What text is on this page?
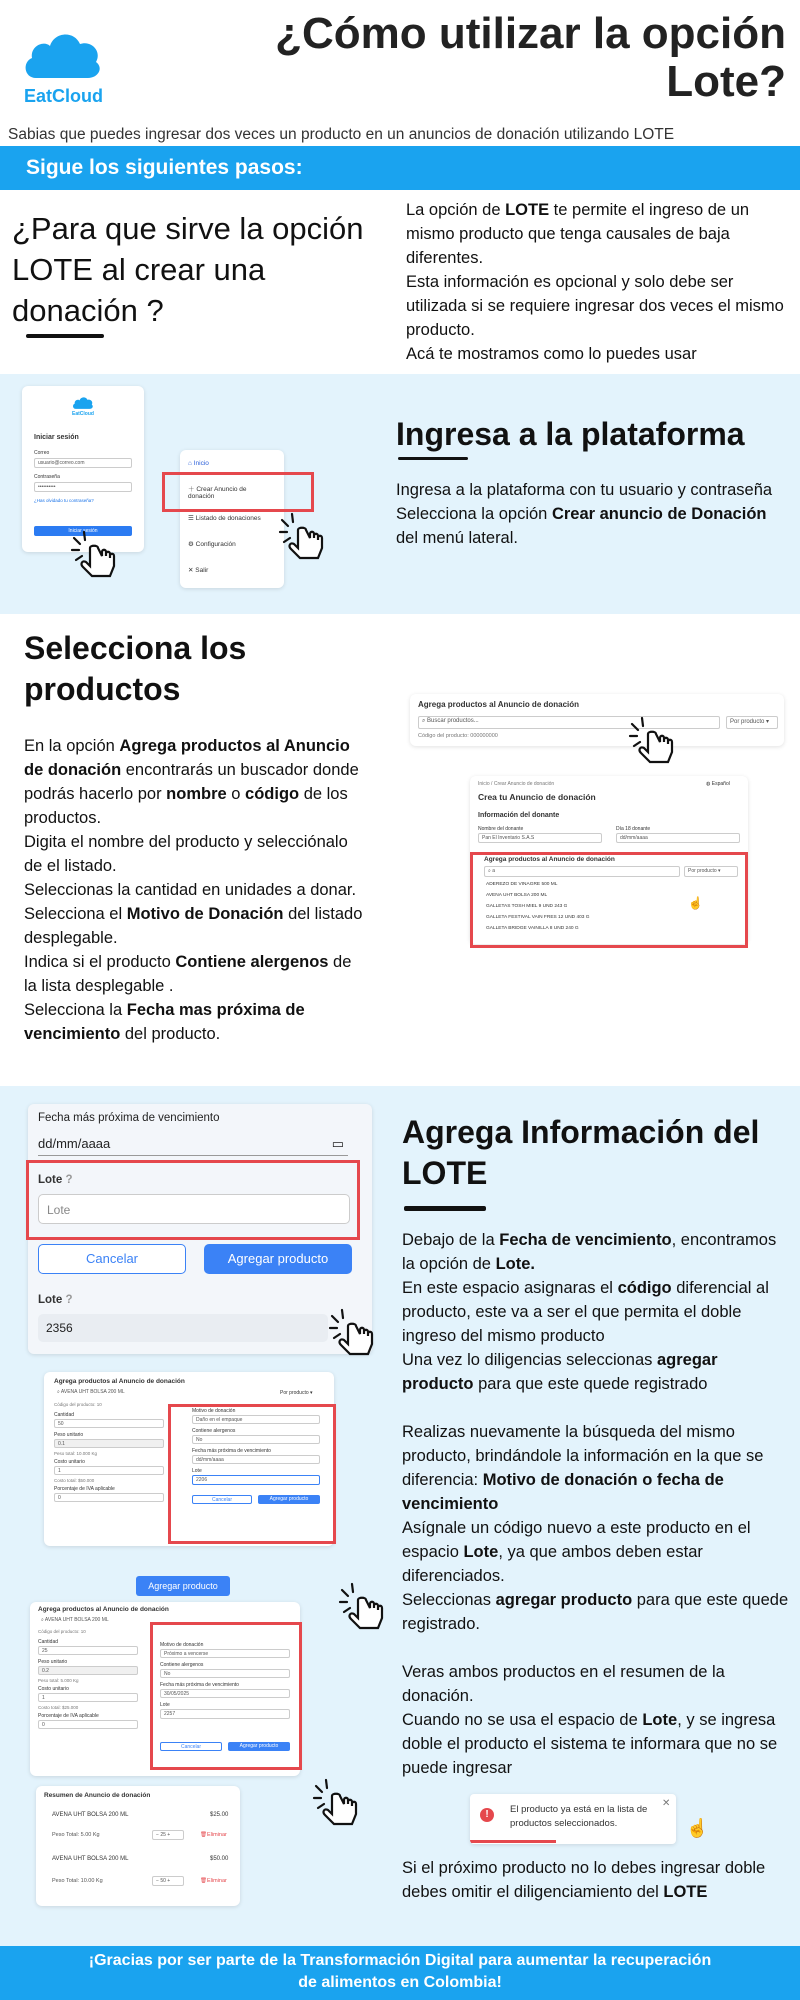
EatCloud
¿Cómo utilizar la opción
Lote?
Sabias que puedes ingresar dos veces un producto en un anuncios de donación utilizando LOTE
Sigue los siguientes pasos:
¿Para que sirve la opción LOTE al crear una donación ?

La opción de LOTE te permite el ingreso de un mismo producto que tenga causales de baja diferentes.

Esta información es opcional y solo debe ser utilizada si se requiere ingresar dos veces el mismo producto.

Acá te mostramos como lo puedes usar

EatCloud
Iniciar sesión
Correo
usuario@correo.com
Contraseña
••••••••••
¿Has olvidado tu contraseña?
Iniciar sesión
⌂ Inicio
＋ Crear Anuncio de donación
☰ Listado de donaciones
⚙ Configuración
✕ Salir
Ingresa a la plataforma

Ingresa a la plataforma con tu usuario y contraseña

Selecciona la opción Crear anuncio de Donación del menú lateral.

Selecciona los productos

En la opción Agrega productos al Anuncio de donación encontrarás un buscador donde podrás hacerlo por nombre o código de los productos.

Digita el nombre del producto y selecciónalo de el listado.

Seleccionas la cantidad en unidades a donar.

Selecciona el Motivo de Donación del listado desplegable.

Indica si el producto Contiene alergenos de la lista desplegable .

Selecciona la Fecha mas próxima de vencimiento del producto.

Agrega productos al Anuncio de donación
⌕ Buscar productos...	Por producto ▾
Código del producto: 000000000
Inicio / Crear Anuncio de donación	◍ Español
Crea tu Anuncio de donación
Información del donante
Nombre del donante
Pan El Inventario S.A.S
Día 18 donante
dd/mm/aaaa
Agrega productos al Anuncio de donación
⌕ a	Por producto ▾
ADEREZO DE VINAGRE 500 ML
AVENA UHT BOLSA 200 ML
GALLETAS TOSH MIEL 9 UND 243 G
GALLETA FESTIVAL VAIN FRES 12 UND 403 G
GALLETA BRIDGE VAINILLA 8 UND 240 G
☝
Fecha más próxima de vencimiento
dd/mm/aaaa	▭
Lote ?
Lote
Cancelar	Agregar producto
Lote ?
2356
Agrega productos al Anuncio de donación
⌕ AVENA UHT BOLSA 200 ML	Por producto ▾
Código del producto: 10
Cantidad
50
Peso unitario
0.1
Peso total: 10.000 Kg
Costo unitario
1
Costo total: $50.000
Porcentaje de IVA aplicable
0
Motivo de donación
Daño en el empaque
Contiene alergenos
No
Fecha más próxima de vencimiento
dd/mm/aaaa
Lote
2206
Cancelar	Agregar producto
Agregar producto
Agrega productos al Anuncio de donación
⌕ AVENA UHT BOLSA 200 ML
Código del producto: 10
Cantidad
25
Peso unitario
0.2
Peso total: 5.000 Kg
Costo unitario
1
Costo total: $25.000
Porcentaje de IVA aplicable
0
Motivo de donación
Próximo a vencerse
Contiene alergenos
No
Fecha más próxima de vencimiento
30/05/2025
Lote
2257
Cancelar	Agregar producto
Resumen de Anuncio de donación
AVENA UHT BOLSA 200 ML	$25.00
Peso Total: 5.00 Kg	− 25 +	🗑Eliminar
AVENA UHT BOLSA 200 ML	$50.00
Peso Total: 10.00 Kg	− 50 +	🗑Eliminar
Agrega Información del LOTE

Debajo de la Fecha de vencimiento, encontramos la opción de Lote.

En este espacio asignaras el código diferencial al producto, este va a ser el que permita el doble ingreso del mismo producto

Una vez lo diligencias seleccionas agregar producto para que este quede registrado

Realizas nuevamente la búsqueda del mismo producto, brindándole la información en la que se diferencia: Motivo de donación o fecha de vencimiento

Asígnale un código nuevo a este producto en el espacio Lote, ya que ambos deben estar diferenciados.

Seleccionas agregar producto para que este quede registrado.

Veras ambos productos en el resumen de la donación.

Cuando no se usa el espacio de Lote, y se ingresa doble el producto el sistema te informara que no se puede ingresar

!	El producto ya está en la lista de
productos seleccionados.
✕
☝

Si el próximo producto no lo debes ingresar doble debes omitir el diligenciamiento del LOTE

¡Gracias por ser parte de la Transformación Digital para aumentar la recuperación
de alimentos en Colombia!
